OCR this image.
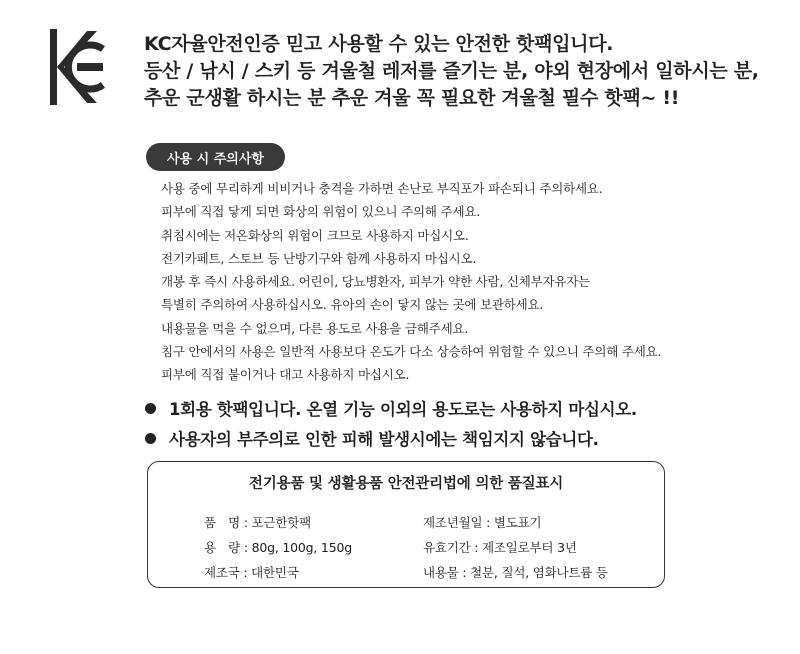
KC자율안전인증 믿고 사용할 수 있는 안전한 핫팩입니다.
등산 / 낚시 / 스키 등 겨울철 레저를 즐기는 분, 야외 현장에서 일하시는 분,
추운 군생활 하시는 분 추운 겨울 꼭 필요한 겨울철 필수 핫팩~ !!
사용 시 주의사항
사용 중에 무리하게 비비거나 충격을 가하면 손난로 부직포가 파손되니 주의하세요.
피부에 직접 닿게 되면 화상의 위험이 있으니 주의해 주세요.
취침시에는 저온화상의 위험이 크므로 사용하지 마십시오.
전기카페트, 스토브 등 난방기구와 함께 사용하지 마십시오.
개봉 후 즉시 사용하세요. 어린이, 당뇨병환자, 피부가 약한 사람, 신체부자유자는
특별히 주의하여 사용하십시오. 유아의 손이 닿지 않는 곳에 보관하세요.
내용물을 먹을 수 없으며, 다른 용도로 사용을 금해주세요.
침구 안에서의 사용은 일반적 사용보다 온도가 다소 상승하여 위험할 수 있으니 주의해 주세요.
피부에 직접 붙이거나 대고 사용하지 마십시오.
1회용 핫팩입니다. 온열 기능 이외의 용도로는 사용하지 마십시오.
사용자의 부주의로 인한 피해 발생시에는 책임지지 않습니다.
전기용품 및 생활용품 안전관리법에 의한 품질표시
품　명 : 포근한핫팩
용　량 : 80g, 100g, 150g
제조국 : 대한민국
제조년월일 : 별도표기
유효기간 : 제조일로부터 3년
내용물 : 철분, 질석, 염화나트륨 등
